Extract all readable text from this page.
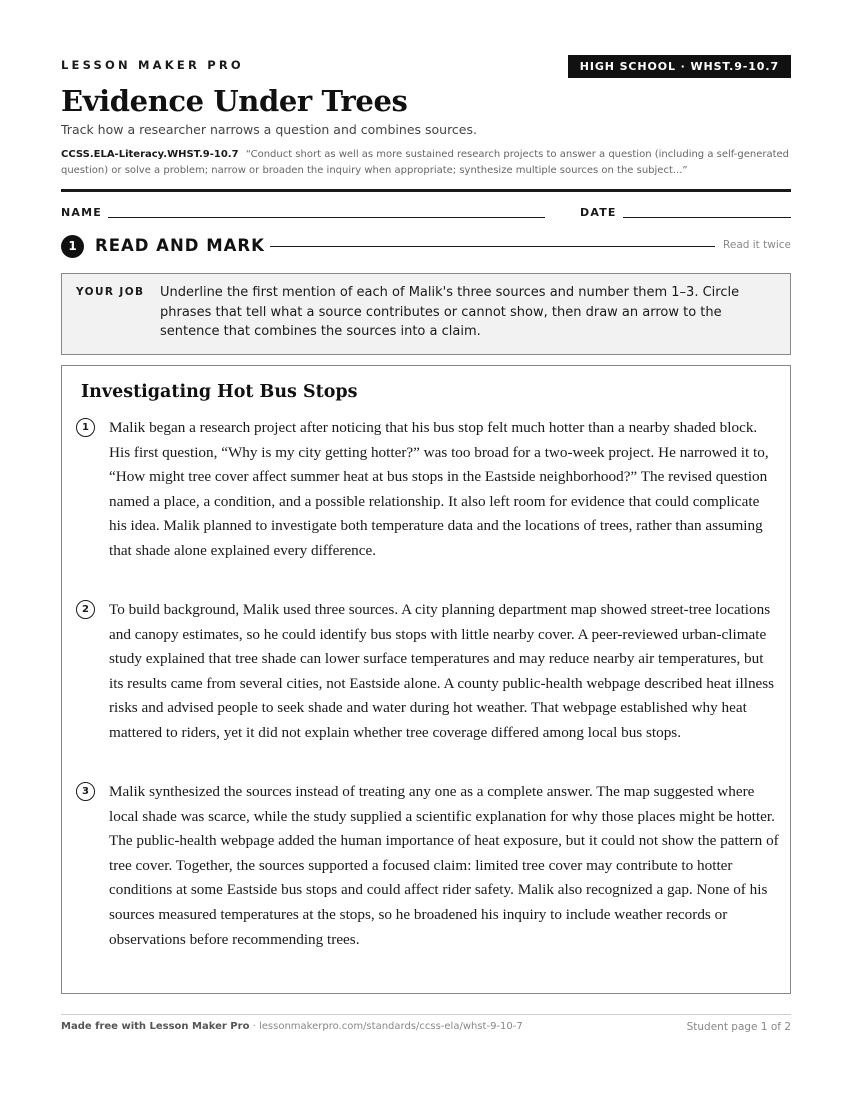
LESSON MAKER PRO	HIGH SCHOOL · WHST.9-10.7
Evidence Under Trees
Track how a researcher narrows a question and combines sources.
CCSS.ELA-Literacy.WHST.9-10.7 “Conduct short as well as more sustained research projects to answer a question (including a self-generated question) or solve a problem; narrow or broaden the inquiry when appropriate; synthesize multiple sources on the subject...”
NAME	DATE
1	READ AND MARK	Read it twice
YOUR JOB Underline the first mention of each of Malik's three sources and number them 1–3. Circle phrases that tell what a source contributes or cannot show, then draw an arrow to the sentence that combines the sources into a claim.
Investigating Hot Bus Stops
1	Malik began a research project after noticing that his bus stop felt much hotter than a nearby shaded block. His first question, “Why is my city getting hotter?” was too broad for a two-week project. He narrowed it to, “How might tree cover affect summer heat at bus stops in the Eastside neighborhood?” The revised question named a place, a condition, and a possible relationship. It also left room for evidence that could complicate his idea. Malik planned to investigate both temperature data and the locations of trees, rather than assuming that shade alone explained every difference.
2	To build background, Malik used three sources. A city planning department map showed street-tree locations and canopy estimates, so he could identify bus stops with little nearby cover. A peer-reviewed urban-climate study explained that tree shade can lower surface temperatures and may reduce nearby air temperatures, but its results came from several cities, not Eastside alone. A county public-health webpage described heat illness risks and advised people to seek shade and water during hot weather. That webpage established why heat mattered to riders, yet it did not explain whether tree coverage differed among local bus stops.
3	Malik synthesized the sources instead of treating any one as a complete answer. The map suggested where local shade was scarce, while the study supplied a scientific explanation for why those places might be hotter. The public-health webpage added the human importance of heat exposure, but it could not show the pattern of tree cover. Together, the sources supported a focused claim: limited tree cover may contribute to hotter conditions at some Eastside bus stops and could affect rider safety. Malik also recognized a gap. None of his sources measured temperatures at the stops, so he broadened his inquiry to include weather records or observations before recommending trees.
Made free with Lesson Maker Pro · lessonmakerpro.com/standards/ccss-ela/whst-9-10-7	Student page 1 of 2
